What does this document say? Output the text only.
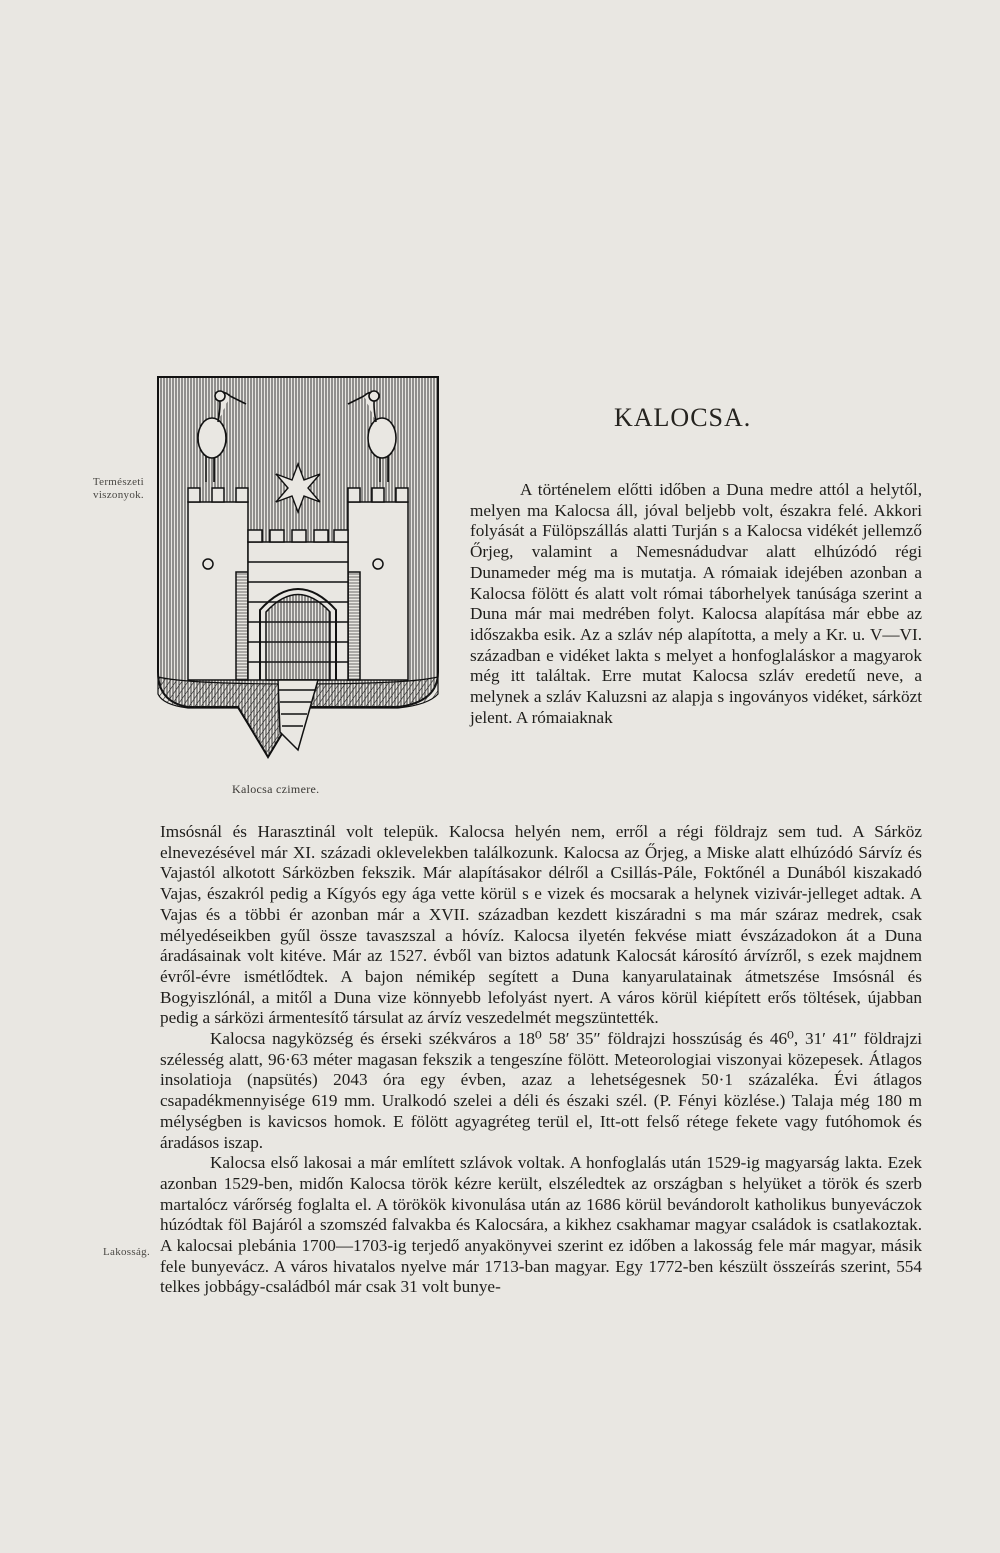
Természeti viszonyok.
Lakosság.
Kalocsa czimere.
KALOCSA.

A történelem előtti időben a Duna medre attól a helytől, melyen ma Kalocsa áll, jóval beljebb volt, északra felé. Akkori folyását a Fülöpszállás alatti Turján s a Kalocsa vidékét jellemző Őrjeg, valamint a Nemesnádudvar alatt elhúzódó régi Dunameder még ma is mutatja. A rómaiak idejében azonban a Kalocsa fölött és alatt volt római táborhelyek tanúsága szerint a Duna már mai medrében folyt. Kalocsa alapítása már ebbe az időszakba esik. Az a szláv nép alapította, a mely a Kr. u. V—VI. században e vidéket lakta s melyet a honfoglaláskor a magyarok még itt találtak. Erre mutat Kalocsa szláv eredetű neve, a melynek a szláv Kaluzsni az alapja s ingoványos vidéket, sárközt jelent. A rómaiaknak

Imsósnál és Harasztinál volt telepük. Kalocsa helyén nem, erről a régi földrajz sem tud. A Sárköz elnevezésével már XI. századi oklevelekben találkozunk. Kalocsa az Őrjeg, a Miske alatt elhúzódó Sárvíz és Vajastól alkotott Sárközben fekszik. Már alapításakor délről a Csillás-Pále, Foktőnél a Dunából kiszakadó Vajas, északról pedig a Kígyós egy ága vette körül s e vizek és mocsarak a helynek vizivár-jelleget adtak. A Vajas és a többi ér azonban már a XVII. században kezdett kiszáradni s ma már száraz medrek, csak mélyedéseikben gyűl össze tavaszszal a hóvíz. Kalocsa ilyetén fekvése miatt évszázadokon át a Duna áradásainak volt kitéve. Már az 1527. évből van biztos adatunk Kalocsát károsító árvízről, s ezek majdnem évről-évre ismétlődtek. A bajon némikép segített a Duna kanyarulatainak átmetszése Imsósnál és Bogyiszlónál, a mitől a Duna vize könnyebb lefolyást nyert. A város körül kiépített erős töltések, újabban pedig a sárközi ármentesítő társulat az árvíz veszedelmét megszüntették.

Kalocsa nagyközség és érseki székváros a 18⁰ 58′ 35″ földrajzi hosszúság és 46⁰, 31′ 41″ földrajzi szélesség alatt, 96·63 méter magasan fekszik a tengeszíne fölött. Meteorologiai viszonyai közepesek. Átlagos insolatioja (napsütés) 2043 óra egy évben, azaz a lehetségesnek 50·1 százaléka. Évi átlagos csapadékmennyisége 619 mm. Uralkodó szelei a déli és északi szél. (P. Fényi közlése.) Talaja még 180 m mélységben is kavicsos homok. E fölött agyagréteg terül el, Itt-ott felső rétege fekete vagy futóhomok és áradásos iszap.

Kalocsa első lakosai a már említett szlávok voltak. A honfoglalás után 1529-ig magyarság lakta. Ezek azonban 1529-ben, midőn Kalocsa török kézre került, elszéledtek az országban s helyüket a török és szerb martalócz várőrség foglalta el. A törökök kivonulása után az 1686 körül bevándorolt katholikus bunyeváczok húzódtak föl Bajáról a szomszéd falvakba és Kalocsára, a kikhez csakhamar magyar családok is csatlakoztak. A kalocsai plebánia 1700—1703-ig terjedő anyakönyvei szerint ez időben a lakosság fele már magyar, másik fele bunyevácz. A város hivatalos nyelve már 1713-ban magyar. Egy 1772-ben készült összeírás szerint, 554 telkes jobbágy-családból már csak 31 volt bunye-
